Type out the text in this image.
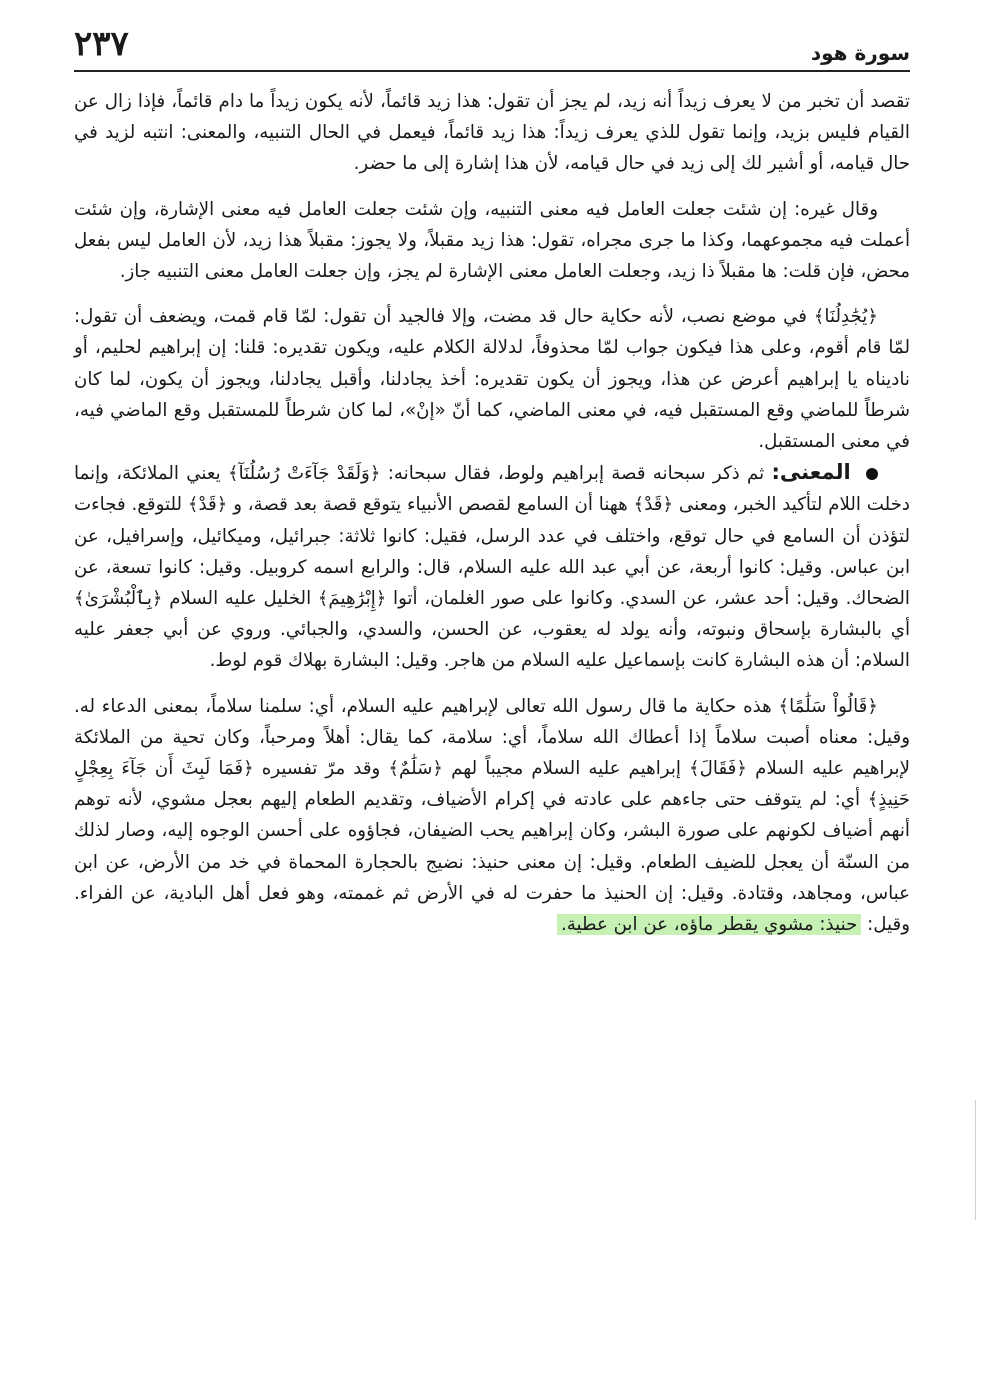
٢٣٧	سورة هود

تقصد أن تخبر من لا يعرف زيداً أنه زيد، لم يجز أن تقول: هذا زيد قائماً، لأنه يكون زيداً ما دام قائماً، فإذا زال عن القيام فليس بزيد، وإنما تقول للذي يعرف زيداً: هذا زيد قائماً، فيعمل في الحال التنبيه، والمعنى: انتبه لزيد في حال قيامه، أو أشير لك إلى زيد في حال قيامه، لأن هذا إشارة إلى ما حضر.

وقال غيره: إن شئت جعلت العامل فيه معنى التنبيه، وإن شئت جعلت العامل فيه معنى الإشارة، وإن شئت أعملت فيه مجموعهما، وكذا ما جرى مجراه، تقول: هذا زيد مقبلاً، ولا يجوز: مقبلاً هذا زيد، لأن العامل ليس بفعل محض، فإن قلت: ها مقبلاً ذا زيد، وجعلت العامل معنى الإشارة لم يجز، وإن جعلت العامل معنى التنبيه جاز.

﴿يُجَٰدِلُنَا﴾ في موضع نصب، لأنه حكاية حال قد مضت، وإلا فالجيد أن تقول: لمّا قام قمت، ويضعف أن تقول: لمّا قام أقوم، وعلى هذا فيكون جواب لمّا محذوفاً، لدلالة الكلام عليه، ويكون تقديره: قلنا: إن إبراهيم لحليم، أو ناديناه يا إبراهيم أعرض عن هذا، ويجوز أن يكون تقديره: أخذ يجادلنا، وأقبل يجادلنا، ويجوز أن يكون، لما كان شرطاً للماضي وقع المستقبل فيه، في معنى الماضي، كما أنّ «إنْ»، لما كان شرطاً للمستقبل وقع الماضي فيه، في معنى المستقبل.

المعنى: ثم ذكر سبحانه قصة إبراهيم ولوط، فقال سبحانه: ﴿وَلَقَدْ جَآءَتْ رُسُلُنَآ﴾ يعني الملائكة، وإنما دخلت اللام لتأكيد الخبر، ومعنى ﴿قَدْ﴾ ههنا أن السامع لقصص الأنبياء يتوقع قصة بعد قصة، و ﴿قَدْ﴾ للتوقع. فجاءت لتؤذن أن السامع في حال توقع، واختلف في عدد الرسل، فقيل: كانوا ثلاثة: جبرائيل، وميكائيل، وإسرافيل، عن ابن عباس. وقيل: كانوا أربعة، عن أبي عبد الله عليه السلام، قال: والرابع اسمه كروبيل. وقيل: كانوا تسعة، عن الضحاك. وقيل: أحد عشر، عن السدي. وكانوا على صور الغلمان، أتوا ﴿إِبْرَٰهِيمَ﴾ الخليل عليه السلام ﴿بِٱلْبُشْرَىٰ﴾ أي بالبشارة بإسحاق ونبوته، وأنه يولد له يعقوب، عن الحسن، والسدي، والجبائي. وروي عن أبي جعفر عليه السلام: أن هذه البشارة كانت بإسماعيل عليه السلام من هاجر. وقيل: البشارة بهلاك قوم لوط.

﴿قَالُواْ سَلَٰمًا﴾ هذه حكاية ما قال رسول الله تعالى لإبراهيم عليه السلام، أي: سلمنا سلاماً، بمعنى الدعاء له. وقيل: معناه أصبت سلاماً إذا أعطاك الله سلاماً، أي: سلامة، كما يقال: أهلاً ومرحباً، وكان تحية من الملائكة لإبراهيم عليه السلام ﴿فَقَالَ﴾ إبراهيم عليه السلام مجيباً لهم ﴿سَلَٰمٌ﴾ وقد مرّ تفسيره ﴿فَمَا لَبِثَ أَن جَآءَ بِعِجْلٍ حَنِيذٍ﴾ أي: لم يتوقف حتى جاءهم على عادته في إكرام الأضياف، وتقديم الطعام إليهم بعجل مشوي، لأنه توهم أنهم أضياف لكونهم على صورة البشر، وكان إبراهيم يحب الضيفان، فجاؤوه على أحسن الوجوه إليه، وصار لذلك من السنّة أن يعجل للضيف الطعام. وقيل: إن معنى حنيذ: نضيج بالحجارة المحماة في خد من الأرض، عن ابن عباس، ومجاهد، وقتادة. وقيل: إن الحنيذ ما حفرت له في الأرض ثم غممته، وهو فعل أهل البادية، عن الفراء. وقيل: حنيذ: مشوي يقطر ماؤه، عن ابن عطية.
